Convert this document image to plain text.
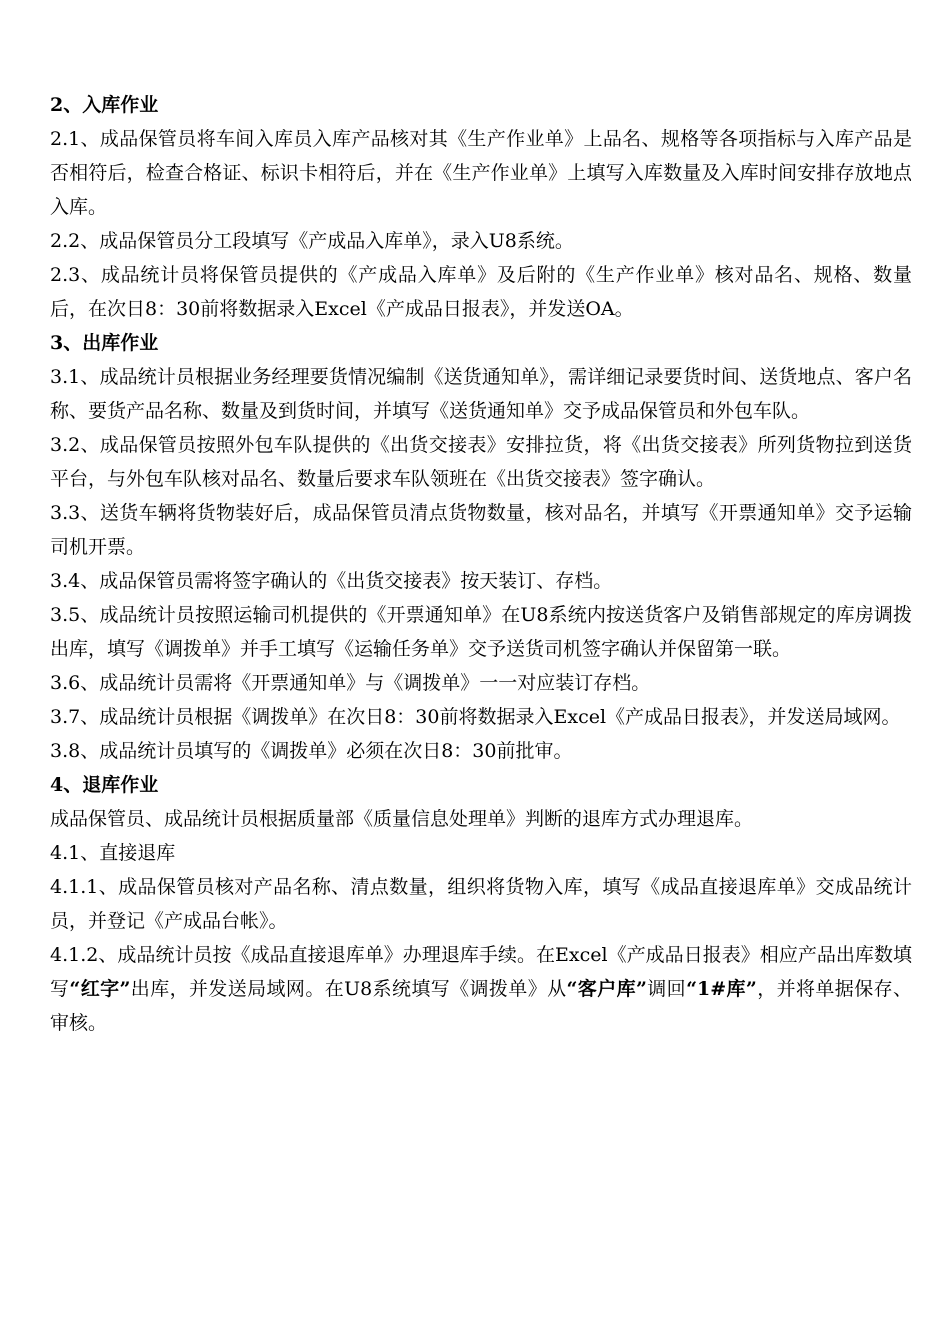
2、入库作业
2.1、成品保管员将车间入库员入库产品核对其《生产作业单》上品名、规格等各项指标与入库产品是否相符后，检查合格证、标识卡相符后，并在《生产作业单》上填写入库数量及入库时间安排存放地点入库。
2.2、成品保管员分工段填写《产成品入库单》，录入U8系统。
2.3、成品统计员将保管员提供的《产成品入库单》及后附的《生产作业单》核对品名、规格、数量后，在次日8：30前将数据录入Excel《产成品日报表》，并发送OA。
3、出库作业
3.1、成品统计员根据业务经理要货情况编制《送货通知单》，需详细记录要货时间、送货地点、客户名称、要货产品名称、数量及到货时间，并填写《送货通知单》交予成品保管员和外包车队。
3.2、成品保管员按照外包车队提供的《出货交接表》安排拉货，将《出货交接表》所列货物拉到送货平台，与外包车队核对品名、数量后要求车队领班在《出货交接表》签字确认。
3.3、送货车辆将货物装好后，成品保管员清点货物数量，核对品名，并填写《开票通知单》交予运输司机开票。
3.4、成品保管员需将签字确认的《出货交接表》按天装订、存档。
3.5、成品统计员按照运输司机提供的《开票通知单》在U8系统内按送货客户及销售部规定的库房调拨出库，填写《调拨单》并手工填写《运输任务单》交予送货司机签字确认并保留第一联。
3.6、成品统计员需将《开票通知单》与《调拨单》一一对应装订存档。
3.7、成品统计员根据《调拨单》在次日8：30前将数据录入Excel《产成品日报表》，并发送局域网。
3.8、成品统计员填写的《调拨单》必须在次日8：30前批审。
4、退库作业
成品保管员、成品统计员根据质量部《质量信息处理单》判断的退库方式办理退库。
4.1、直接退库
4.1.1、成品保管员核对产品名称、清点数量，组织将货物入库，填写《成品直接退库单》交成品统计员，并登记《产成品台帐》。
4.1.2、成品统计员按《成品直接退库单》办理退库手续。在Excel《产成品日报表》相应产品出库数填写“红字”出库，并发送局域网。在U8系统填写《调拨单》从“客户库”调回“1#库”，并将单据保存、审核。
